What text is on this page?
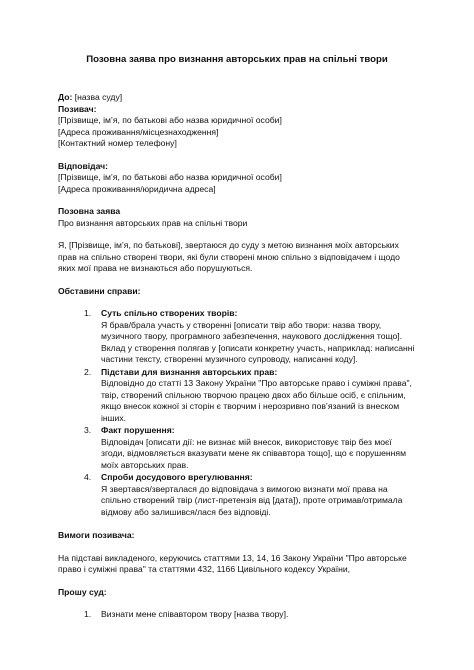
Позовна заява про визнання авторських прав на спільні твори

До: [назва суду]

Позивач:

[Прізвище, ім’я, по батькові або назва юридичної особи]

[Адреса проживання/місцезнаходження]

[Контактний номер телефону]

Відповідач:

[Прізвище, ім’я, по батькові або назва юридичної особи]

[Адреса проживання/юридична адреса]

Позовна заява

Про визнання авторських прав на спільні твори

Я, [Прізвище, ім’я, по батькові], звертаюся до суду з метою визнання моїх авторських прав на спільно створені твори, які були створені мною спільно з відповідачем і щодо яких мої права не визнаються або порушуються.

Обставини справи:

1. Суть спільно створених творів:

Я брав/брала участь у створенні [описати твір або твори: назва твору, музичного твору, програмного забезпечення, наукового дослідження тощо]. Вклад у створення полягав у [описати конкретну участь, наприклад: написанні частини тексту, створенні музичного супроводу, написанні коду].

2. Підстави для визнання авторських прав:

Відповідно до статті 13 Закону України "Про авторське право і суміжні права", твір, створений спільною творчою працею двох або більше осіб, є спільним, якщо внесок кожної зі сторін є творчим і нерозривно пов’язаний із внеском інших.

3. Факт порушення:

Відповідач [описати дії: не визнає мій внесок, використовує твір без моєї згоди, відмовляється вказувати мене як співавтора тощо], що є порушенням моїх авторських прав.

4. Спроби досудового врегулювання:

Я звертався/зверталася до відповідача з вимогою визнати мої права на спільно створений твір (лист-претензія від [дата]), проте отримав/отримала відмову або залишився/лася без відповіді.

Вимоги позивача:

На підставі викладеного, керуючись статтями 13, 14, 16 Закону України "Про авторське право і суміжні права" та статтями 432, 1166 Цивільного кодексу України,

Прошу суд:

1. Визнати мене співавтором твору [назва твору].
